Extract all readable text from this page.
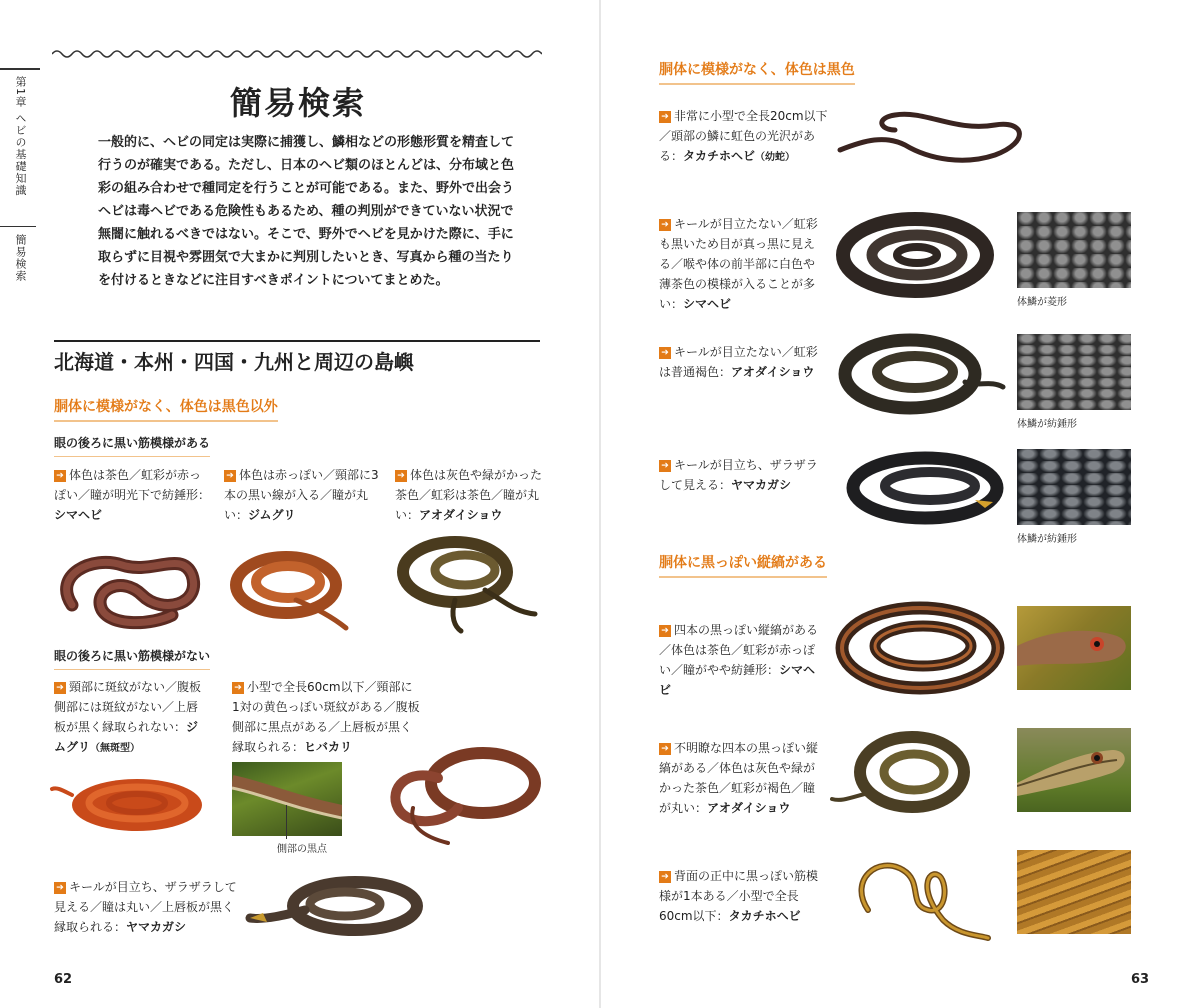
第1章 ヘビの基礎知識
簡易検索
簡易検索
一般的に、ヘビの同定は実際に捕獲し、鱗相などの形態形質を精査して行うのが確実である。ただし、日本のヘビ類のほとんどは、分布域と色彩の組み合わせで種同定を行うことが可能である。また、野外で出会うヘビは毒ヘビである危険性もあるため、種の判別ができていない状況で無闇に触れるべきではない。そこで、野外でヘビを見かけた際に、手に取らずに目視や雰囲気で大まかに判別したいとき、写真から種の当たりを付けるときなどに注目すべきポイントについてまとめた。
北海道・本州・四国・九州と周辺の島嶼
胴体に模様がなく、体色は黒色以外
眼の後ろに黒い筋模様がある
➔ 体色は茶色／虹彩が赤っぽい／瞳が明光下で紡錘形：シマヘビ
➔ 体色は赤っぽい／頸部に3本の黒い線が入る／瞳が丸い：ジムグリ
➔ 体色は灰色や緑がかった茶色／虹彩は茶色／瞳が丸い：アオダイショウ
眼の後ろに黒い筋模様がない
➔ 頸部に斑紋がない／腹板側部には斑紋がない／上唇板が黒く縁取られない：ジムグリ（無斑型）
➔ 小型で全長60cm以下／頸部に1対の黄色っぽい斑紋がある／腹板側部に黒点がある／上唇板が黒く縁取られる：ヒバカリ
側部の黒点
➔ キールが目立ち、ザラザラして見える／瞳は丸い／上唇板が黒く縁取られる：ヤマカガシ
62
胴体に模様がなく、体色は黒色
➔ 非常に小型で全長20cm以下／頭部の鱗に虹色の光沢がある：タカチホヘビ（幼蛇）
➔ キールが目立たない／虹彩も黒いため目が真っ黒に見える／喉や体の前半部に白色や薄茶色の模様が入ることが多い：シマヘビ	体鱗が菱形
➔ キールが目立たない／虹彩は普通褐色：アオダイショウ
体鱗が紡錘形
➔ キールが目立ち、ザラザラして見える：ヤマカガシ
体鱗が紡錘形
胴体に黒っぽい縦縞がある
➔ 四本の黒っぽい縦縞がある／体色は茶色／虹彩が赤っぽい／瞳がやや紡錘形：シマヘビ
➔ 不明瞭な四本の黒っぽい縦縞がある／体色は灰色や緑がかった茶色／虹彩が褐色／瞳が丸い：アオダイショウ
➔ 背面の正中に黒っぽい筋模様が1本ある／小型で全長60cm以下：タカチホヘビ
63
